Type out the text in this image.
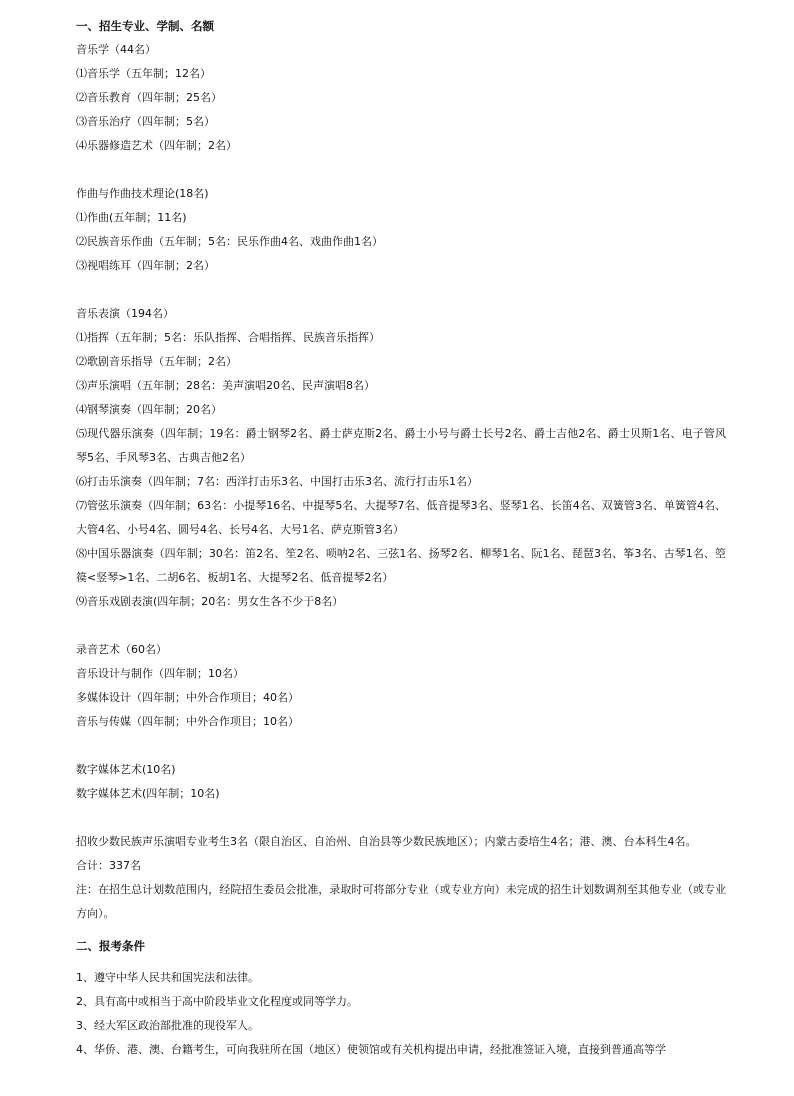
一、招生专业、学制、名额
音乐学（44名）
⑴音乐学（五年制；12名）
⑵音乐教育（四年制；25名）
⑶音乐治疗（四年制；5名）
⑷乐器修造艺术（四年制；2名）
作曲与作曲技术理论(18名)
⑴作曲(五年制；11名)
⑵民族音乐作曲（五年制；5名：民乐作曲4名、戏曲作曲1名）
⑶视唱练耳（四年制；2名）
音乐表演（194名）
⑴指挥（五年制；5名：乐队指挥、合唱指挥、民族音乐指挥）
⑵歌剧音乐指导（五年制；2名）
⑶声乐演唱（五年制；28名：美声演唱20名、民声演唱8名）
⑷钢琴演奏（四年制；20名）
⑸现代器乐演奏（四年制；19名：爵士钢琴2名、爵士萨克斯2名、爵士小号与爵士长号2名、爵士吉他2名、爵士贝斯1名、电子管风琴5名、手风琴3名、古典吉他2名）
⑹打击乐演奏（四年制；7名：西洋打击乐3名、中国打击乐3名、流行打击乐1名）
⑺管弦乐演奏（四年制；63名：小提琴16名、中提琴5名、大提琴7名、低音提琴3名、竖琴1名、长笛4名、双簧管3名、单簧管4名、大管4名、小号4名、圆号4名、长号4名、大号1名、萨克斯管3名）
⑻中国乐器演奏（四年制；30名：笛2名、笙2名、唢呐2名、三弦1名、扬琴2名、柳琴1名、阮1名、琵琶3名、筝3名、古琴1名、箜篌<竖琴>1名、二胡6名、板胡1名、大提琴2名、低音提琴2名）
⑼音乐戏剧表演(四年制；20名：男女生各不少于8名）
录音艺术（60名）
音乐设计与制作（四年制；10名）
多媒体设计（四年制；中外合作项目；40名）
音乐与传媒（四年制；中外合作项目；10名）
数字媒体艺术(10名)
数字媒体艺术(四年制；10名)
招收少数民族声乐演唱专业考生3名（限自治区、自治州、自治县等少数民族地区）；内蒙古委培生4名；港、澳、台本科生4名。
合计：337名
注：在招生总计划数范围内，经院招生委员会批准，录取时可将部分专业（或专业方向）未完成的招生计划数调剂至其他专业（或专业方向）。
二、报考条件
1、遵守中华人民共和国宪法和法律。
2、具有高中或相当于高中阶段毕业文化程度或同等学力。
3、经大军区政治部批准的现役军人。
4、华侨、港、澳、台籍考生，可向我驻所在国（地区）使领馆或有关机构提出申请，经批准签证入境，直接到普通高等学
